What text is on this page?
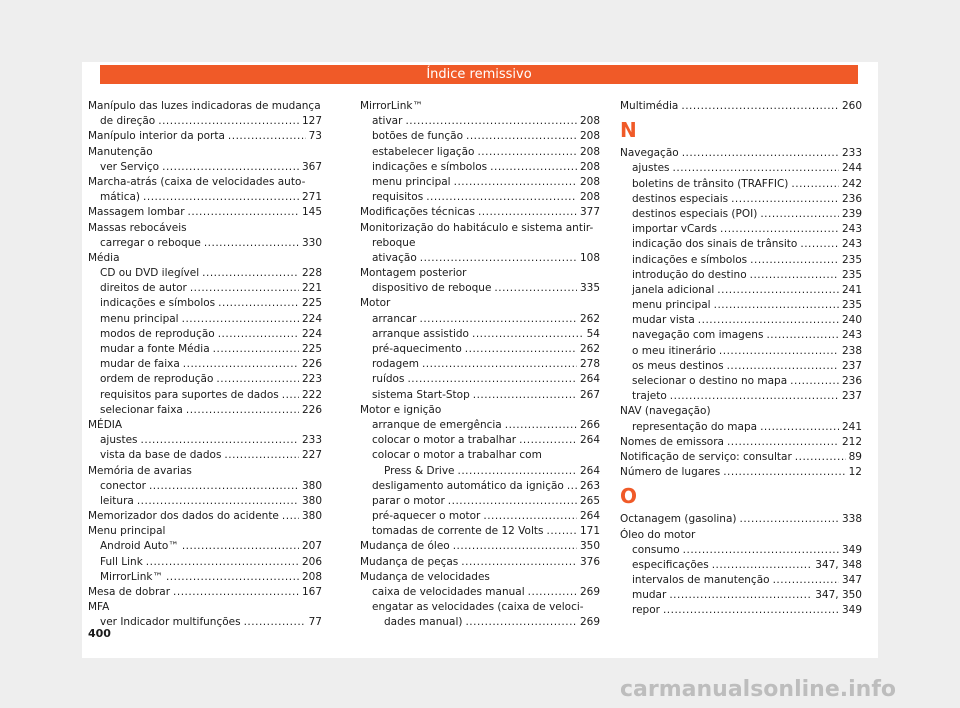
Índice remissivo
Manípulo das luzes indicadoras de mudança
de direção .....	127
Manípulo interior da porta .....	73
Manutenção
ver Serviço .....	367
Marcha-atrás (caixa de velocidades auto-
mática) .....	271
Massagem lombar .....	145
Massas rebocáveis
carregar o reboque .....	330
Média
CD ou DVD ilegível .....	228
direitos de autor .....	221
indicações e símbolos .....	225
menu principal .....	224
modos de reprodução .....	224
mudar a fonte Média .....	225
mudar de faixa .....	226
ordem de reprodução .....	223
requisitos para suportes de dados ..... 222
selecionar faixa .....	226
MÉDIA
ajustes .....	233
vista da base de dados .....	227
Memória de avarias
conector .....	380
leitura .....	380
Memorizador dos dados do acidente ..... 380
Menu principal
Android Auto™ .....	207
Full Link .....	206
MirrorLink™ .....	208
Mesa de dobrar .....	167
MFA
ver Indicador multifunções .....	77
MirrorLink™
ativar .....	208
botões de função .....	208
estabelecer ligação .....	208
indicações e símbolos .....	208
menu principal .....	208
requisitos .....	208
Modificações técnicas .....	377
Monitorização do habitáculo e sistema antir-
reboque
ativação .....	108
Montagem posterior
dispositivo de reboque .....	335
Motor
arrancar .....	262
arranque assistido .....	54
pré-aquecimento .....	262
rodagem .....	278
ruídos .....	264
sistema Start-Stop .....	267
Motor e ignição
arranque de emergência .....	266
colocar o motor a trabalhar .....	264
colocar o motor a trabalhar com
Press & Drive .....	264
desligamento automático da ignição ..... 263
parar o motor .....	265
pré-aquecer o motor .....	264
tomadas de corrente de 12 Volts .....	171
Mudança de óleo .....	350
Mudança de peças .....	376
Mudança de velocidades
caixa de velocidades manual .....	269
engatar as velocidades (caixa de veloci-
dades manual) .....	269
Multimédia .....	260
N
Navegação .....	233
ajustes .....	244
boletins de trânsito (TRAFFIC) .....	242
destinos especiais .....	236
destinos especiais (POI) .....	239
importar vCards .....	243
indicação dos sinais de trânsito .....	243
indicações e símbolos .....	235
introdução do destino .....	235
janela adicional .....	241
menu principal .....	235
mudar vista .....	240
navegação com imagens .....	243
o meu itinerário .....	238
os meus destinos .....	237
selecionar o destino no mapa .....	236
trajeto .....	237
NAV (navegação)
representação do mapa .....	241
Nomes de emissora .....	212
Notificação de serviço: consultar .....	89
Número de lugares .....	12
O
Octanagem (gasolina) .....	338
Óleo do motor
consumo .....	349
especificações .....	347, 348
intervalos de manutenção .....	347
mudar .....	347, 350
repor .....	349
400
carmanualsonline.info
